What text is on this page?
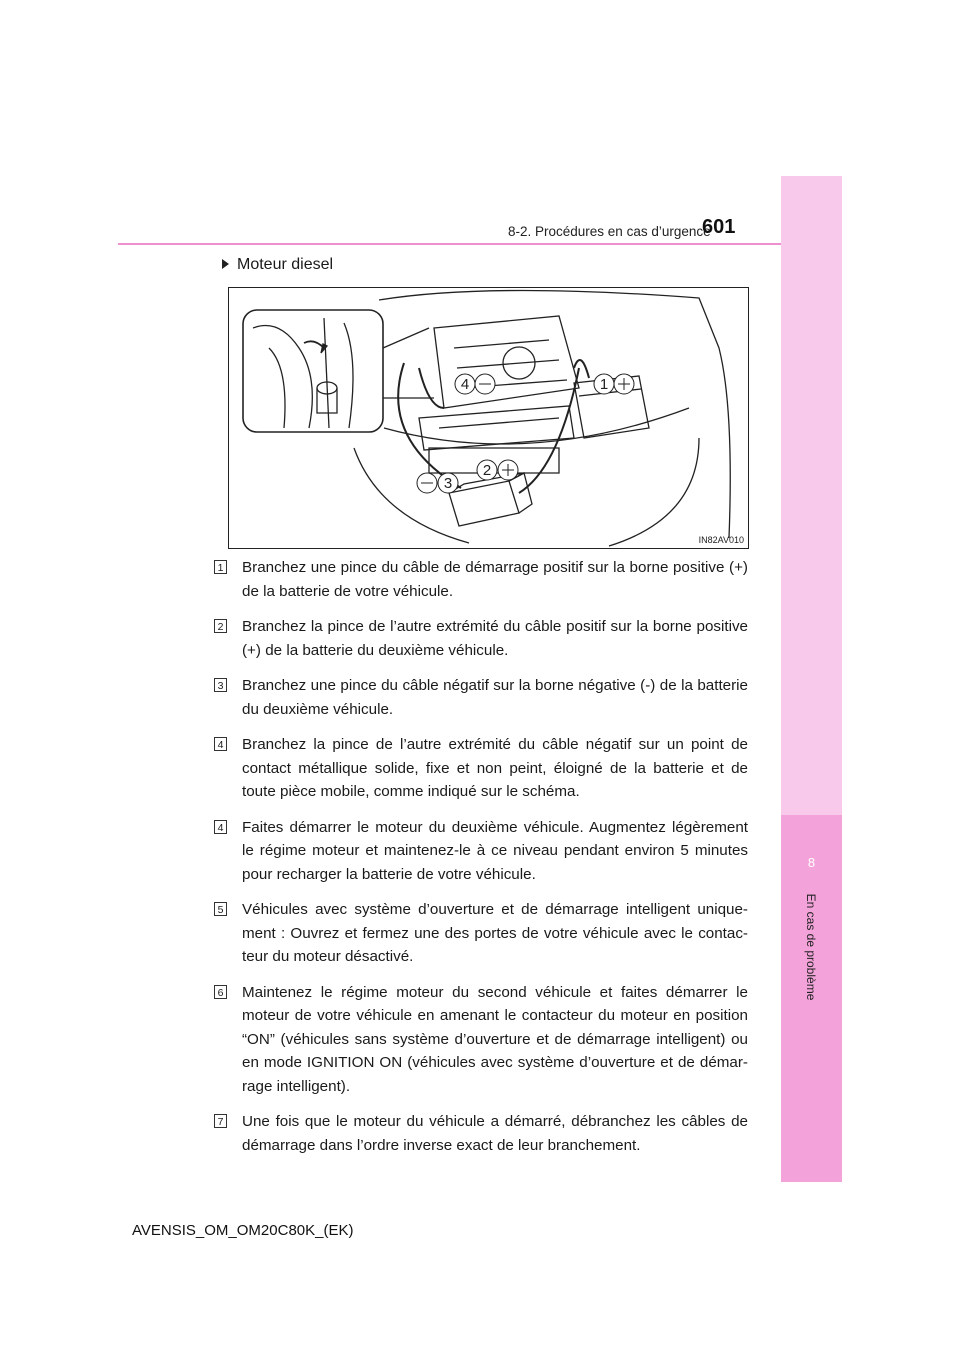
8
En cas de problème
8-2. Procédures en cas d’urgence
601
Moteur diesel
4	1
2
3
IN82AV010
1 Branchez une pince du câble de démarrage positif sur la borne positive (+) de la batterie de votre véhicule.
2 Branchez la pince de l’autre extrémité du câble positif sur la borne positive (+) de la batterie du deuxième véhicule.
3 Branchez une pince du câble négatif sur la borne négative (-) de la batterie du deuxième véhicule.
4 Branchez la pince de l’autre extrémité du câble négatif sur un point de contact métallique solide, fixe et non peint, éloigné de la batterie et de toute pièce mobile, comme indiqué sur le schéma.
4 Faites démarrer le moteur du deuxième véhicule. Augmentez légèrement le régime moteur et maintenez-le à ce niveau pendant environ 5 minutes pour recharger la batterie de votre véhicule.
5 Véhicules avec système d’ouverture et de démarrage intelligent unique-ment : Ouvrez et fermez une des portes de votre véhicule avec le contac-teur du moteur désactivé.
6 Maintenez le régime moteur du second véhicule et faites démarrer le moteur de votre véhicule en amenant le contacteur du moteur en position “ON” (véhicules sans système d’ouverture et de démarrage intelligent) ou en mode IGNITION ON (véhicules avec système d’ouverture et de démar-rage intelligent).
7 Une fois que le moteur du véhicule a démarré, débranchez les câbles de démarrage dans l’ordre inverse exact de leur branchement.
AVENSIS_OM_OM20C80K_(EK)
